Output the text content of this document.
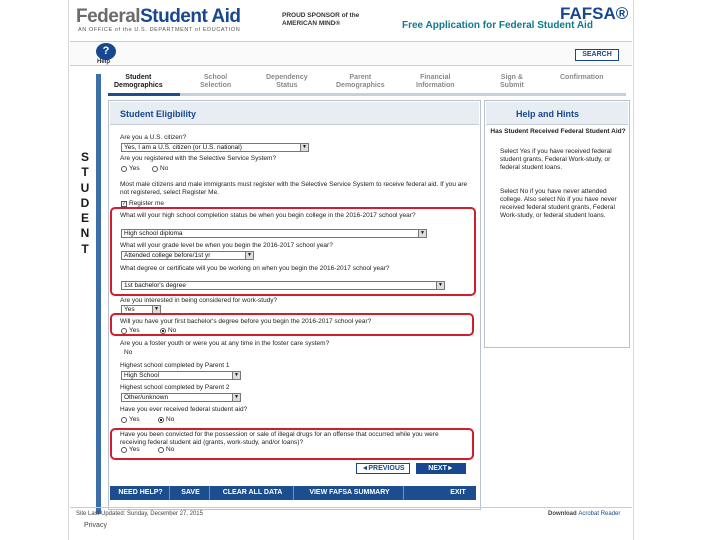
FederalStudent Aid
AN OFFICE of the U.S. DEPARTMENT of EDUCATION
PROUD SPONSOR of the AMERICAN MIND®
FAFSA®
Free Application for Federal Student Aid
?
Help
SEARCH
Student
Demographics
School
Selection
Dependency
Status
Parent
Demographics
Financial
Information
Sign &
Submit
Confirmation
S
T
U
D
E
N
T
Student Eligibility
Are you a U.S. citizen?
Yes, I am a U.S. citizen (or U.S. national)	▼
Are you registered with the Selective Service System?
Yes	No
Most male citizens and male immigrants must register with the Selective Service System to receive federal aid. If you are not registered, select Register Me.
✓ Register me
What will your high school completion status be when you begin college in the 2016-2017 school year?
High school diploma	▼
What will your grade level be when you begin the 2016-2017 school year?
Attended college before/1st yr	▼
What degree or certificate will you be working on when you begin the 2016-2017 school year?
1st bachelor's degree	▼
Are you interested in being considered for work-study?
Yes	▼
Will you have your first bachelor's degree before you begin the 2016-2017 school year?
Yes	No
Are you a foster youth or were you at any time in the foster care system?
No
Highest school completed by Parent 1
High School	▼
Highest school completed by Parent 2
Other/unknown	▼
Have you ever received federal student aid?
Yes	No
Have you been convicted for the possession or sale of illegal drugs for an offense that occurred while you were receiving federal student aid (grants, work-study, and/or loans)?
Yes	No
◄PREVIOUS	NEXT►
NEED HELP?	SAVE	CLEAR ALL DATA	VIEW FAFSA SUMMARY	EXIT
Help and Hints
Has Student Received Federal Student Aid?
Select Yes if you have received federal student grants, Federal Work-study, or federal student loans.
Select No if you have never attended college. Also select No if you have never received federal student grants, Federal Work-study, or federal student loans.
Site Last Updated: Sunday, December 27, 2015	Download Acrobat Reader
Privacy
